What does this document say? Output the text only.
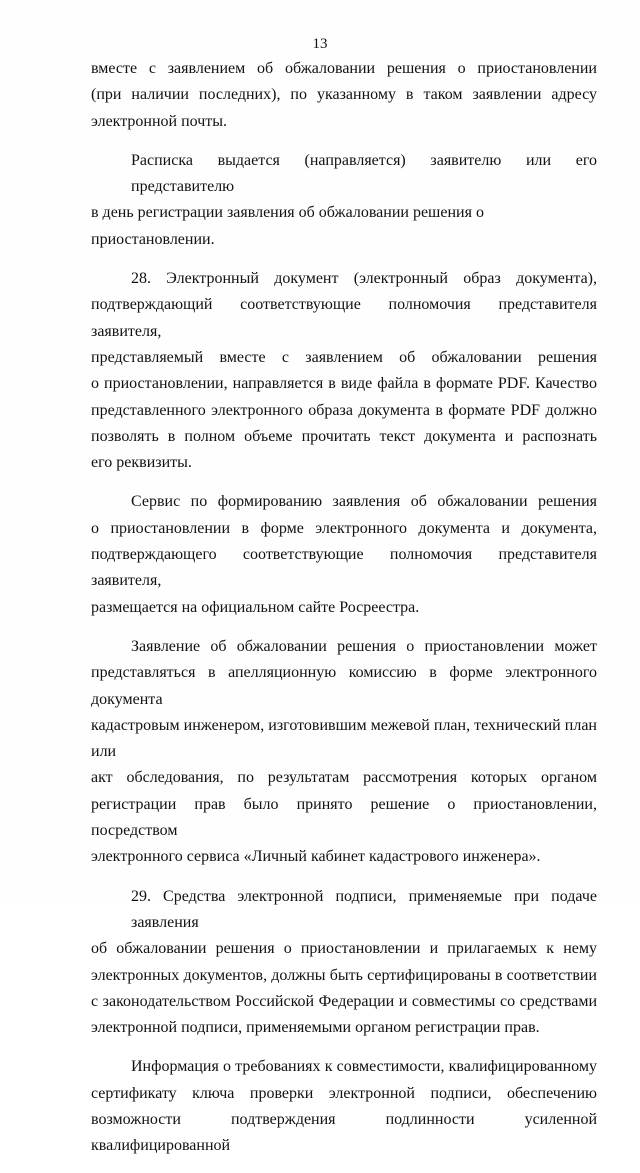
13

вместе с заявлением об обжаловании решения о приостановлении
(при наличии последних), по указанному в таком заявлении адресу
электронной почты.

Расписка выдается (направляется) заявителю или его представителю
в день регистрации заявления об обжаловании решения о приостановлении.

28. Электронный документ (электронный образ документа),
подтверждающий соответствующие полномочия представителя заявителя,
представляемый вместе с заявлением об обжаловании решения
о приостановлении, направляется в виде файла в формате PDF. Качество
представленного электронного образа документа в формате PDF должно
позволять в полном объеме прочитать текст документа и распознать
его реквизиты.

Сервис по формированию заявления об обжаловании решения
о приостановлении в форме электронного документа и документа,
подтверждающего соответствующие полномочия представителя заявителя,
размещается на официальном сайте Росреестра.

Заявление об обжаловании решения о приостановлении может
представляться в апелляционную комиссию в форме электронного документа
кадастровым инженером, изготовившим межевой план, технический план или
акт обследования, по результатам рассмотрения которых органом
регистрации прав было принято решение о приостановлении, посредством
электронного сервиса «Личный кабинет кадастрового инженера».

29. Средства электронной подписи, применяемые при подаче заявления
об обжаловании решения о приостановлении и прилагаемых к нему
электронных документов, должны быть сертифицированы в соответствии
с законодательством Российской Федерации и совместимы со средствами
электронной подписи, применяемыми органом регистрации прав.

Информация о требованиях к совместимости, квалифицированному
сертификату ключа проверки электронной подписи, обеспечению
возможности подтверждения подлинности усиленной квалифицированной
